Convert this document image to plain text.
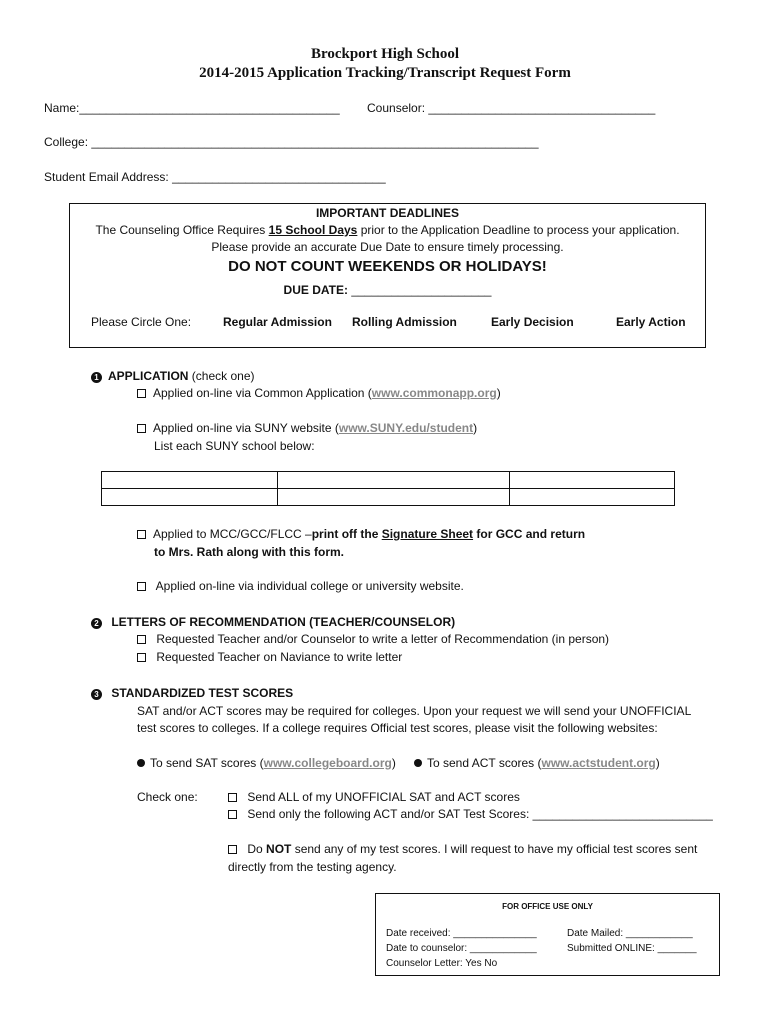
Brockport High School
2014-2015 Application Tracking/Transcript Request Form
Name:_______________________________________ Counselor: __________________________________
College: ___________________________________________________________________
Student Email Address: ________________________________
IMPORTANT DEADLINES
The Counseling Office Requires 15 School Days prior to the Application Deadline to process your application.
Please provide an accurate Due Date to ensure timely processing.
DO NOT COUNT WEEKENDS OR HOLIDAYS!
DUE DATE: _____________________
Please Circle One:	Regular Admission Rolling Admission	Early Decision	Early Action
1 APPLICATION (check one)
Applied on-line via Common Application (www.commonapp.org)
Applied on-line via SUNY website (www.SUNY.edu/student)
List each SUNY school below:

Applied to MCC/GCC/FLCC –print off the Signature Sheet for GCC and return
to Mrs. Rath along with this form.
Applied on-line via individual college or university website.
2 LETTERS OF RECOMMENDATION (TEACHER/COUNSELOR)
Requested Teacher and/or Counselor to write a letter of Recommendation (in person)
Requested Teacher on Naviance to write letter
3 STANDARDIZED TEST SCORES
SAT and/or ACT scores may be required for colleges. Upon your request we will send your UNOFFICIAL
test scores to colleges. If a college requires Official test scores, please visit the following websites:
To send SAT scores (www.collegeboard.org)	To send ACT scores (www.actstudent.org)
Check one:	Send ALL of my UNOFFICIAL SAT and ACT scores
Send only the following ACT and/or SAT Test Scores: ___________________________
Do NOT send any of my test scores. I will request to have my official test scores sent
directly from the testing agency.
FOR OFFICE USE ONLY
Date received: _______________
Date to counselor: ____________
Counselor Letter: Yes No
Date Mailed: ____________
Submitted ONLINE: _______
